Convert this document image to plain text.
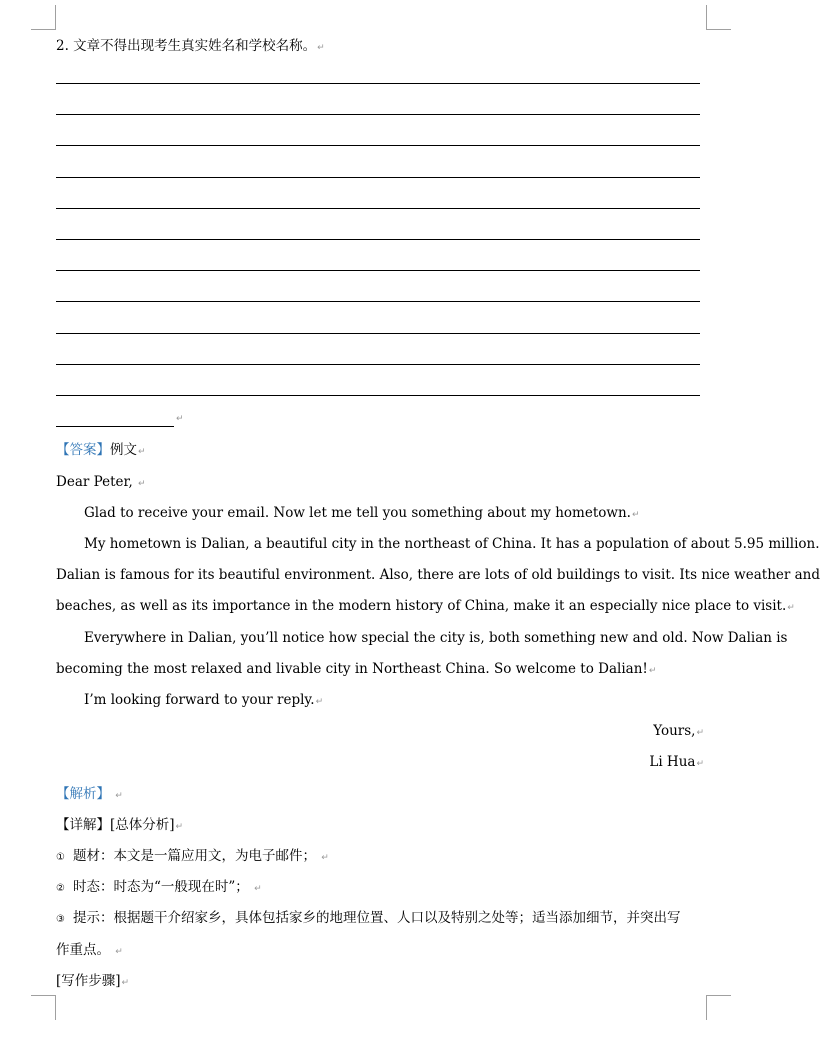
2. 文章不得出现考生真实姓名和学校名称。↵
↵
【答案】例文↵
Dear Peter, ↵
Glad to receive your email. Now let me tell you something about my hometown.↵
My hometown is Dalian, a beautiful city in the northeast of China. It has a population of about 5.95 million.
Dalian is famous for its beautiful environment. Also, there are lots of old buildings to visit. Its nice weather and
beaches, as well as its importance in the modern history of China, make it an especially nice place to visit.↵
Everywhere in Dalian, you’ll notice how special the city is, both something new and old. Now Dalian is
becoming the most relaxed and livable city in Northeast China. So welcome to Dalian!↵
I’m looking forward to your reply.↵
Yours,↵
Li Hua↵
【解析】 ↵
【详解】[总体分析]↵
① 题材：本文是一篇应用文，为电子邮件； ↵
② 时态：时态为“一般现在时”； ↵
③ 提示：根据题干介绍家乡，具体包括家乡的地理位置、人口以及特别之处等；适当添加细节，并突出写
作重点。 ↵
[写作步骤]↵
